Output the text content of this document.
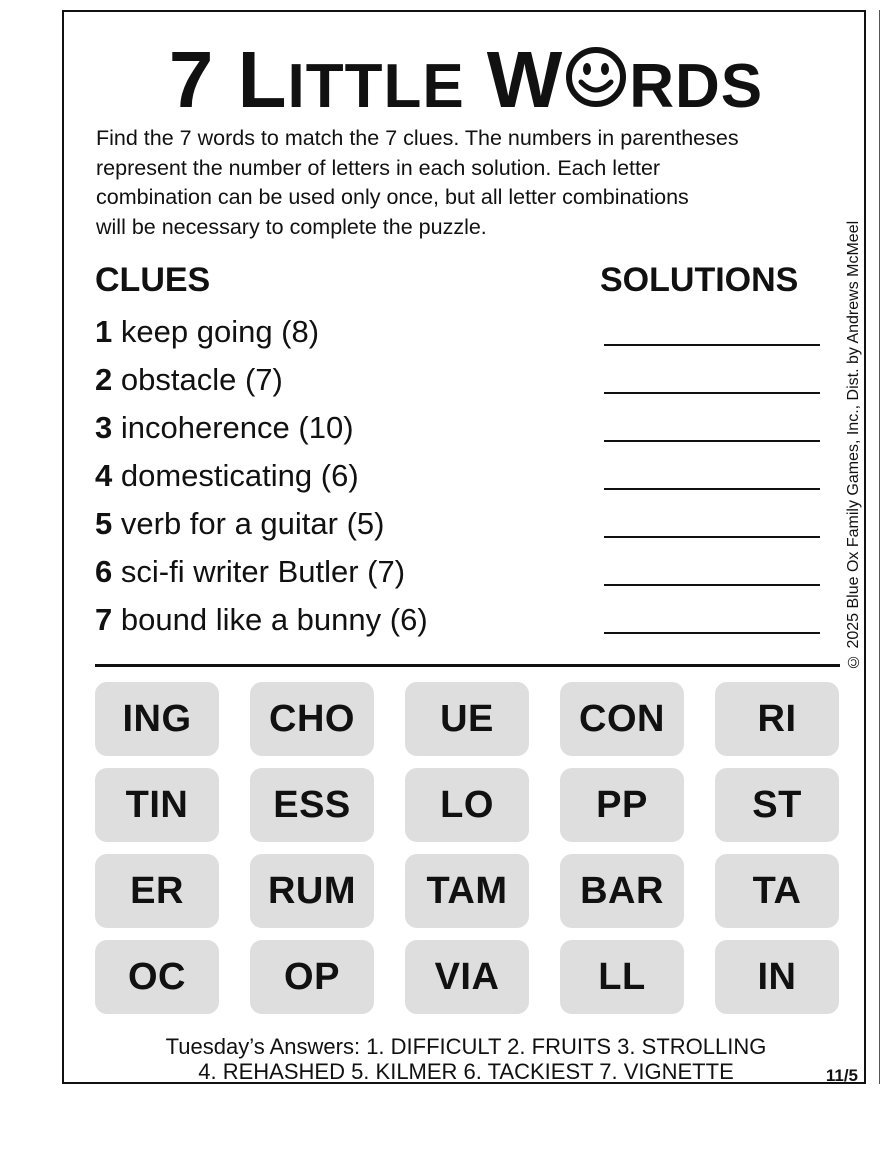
7 LITTLE W RDS
Find the 7 words to match the 7 clues. The numbers in parentheses
represent the number of letters in each solution. Each letter
combination can be used only once, but all letter combinations
will be necessary to complete the puzzle.	© 2025 Blue Ox Family Games, Inc., Dist. by Andrews McMeel
CLUES	SOLUTIONS
1 keep going (8)
2 obstacle (7)
3 incoherence (10)
4 domesticating (6)
5 verb for a guitar (5)
6 sci-fi writer Butler (7)
7 bound like a bunny (6)
ING	CHO	UE	CON	RI
TIN	ESS	LO	PP	ST
ER	RUM	TAM	BAR	TA
OC	OP	VIA	LL	IN
Tuesday’s Answers: 1. DIFFICULT 2. FRUITS 3. STROLLING
4. REHASHED 5. KILMER 6. TACKIEST 7. VIGNETTE	11/5
